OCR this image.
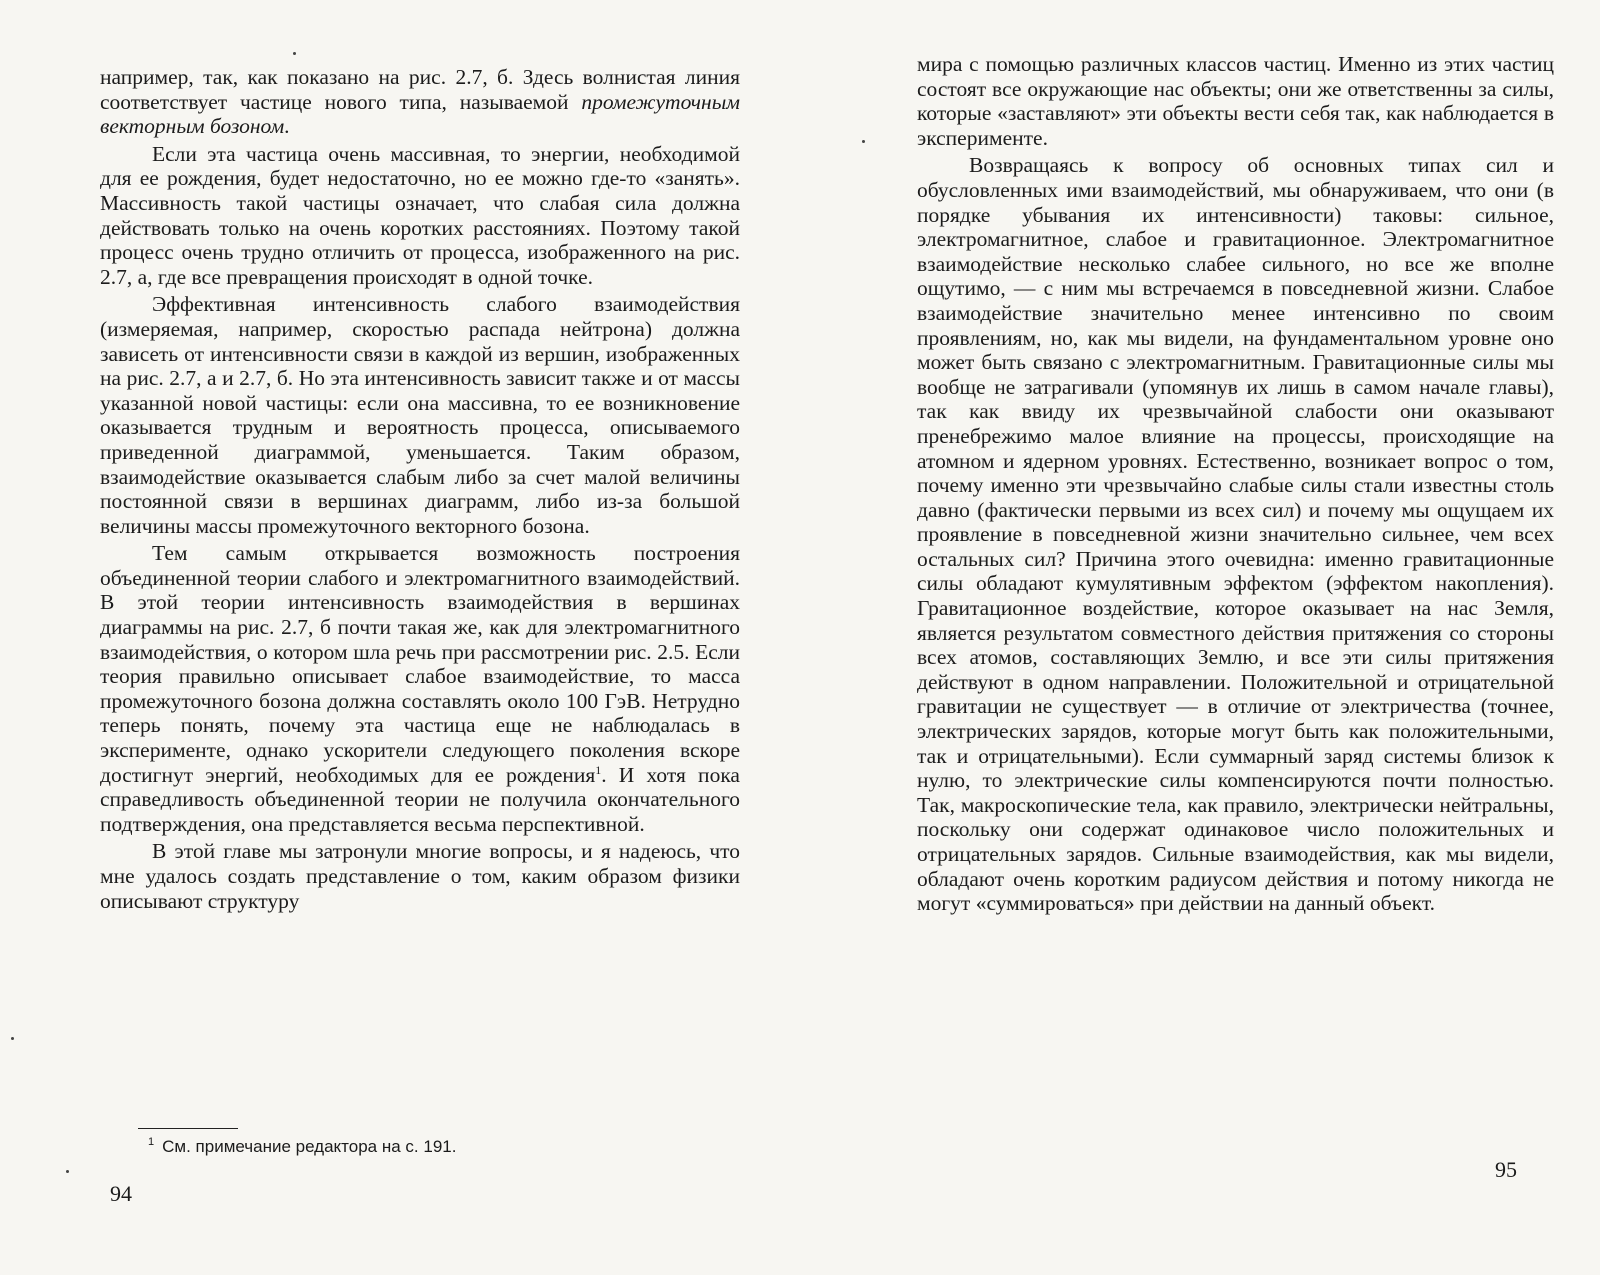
например, так, как показано на рис. 2.7, б. Здесь волнистая линия соответствует частице нового типа, называемой промежуточным векторным бозоном.

Если эта частица очень массивная, то энергии, необходимой для ее рождения, будет недостаточно, но ее можно где-то «занять». Массивность такой частицы означает, что слабая сила должна действовать только на очень коротких расстояниях. Поэтому такой процесс очень трудно отличить от процесса, изображенного на рис. 2.7, а, где все превращения происходят в одной точке.

Эффективная интенсивность слабого взаимодействия (измеряемая, например, скоростью распада нейтрона) должна зависеть от интенсивности связи в каждой из вершин, изображенных на рис. 2.7, а и 2.7, б. Но эта интенсивность зависит также и от массы указанной новой частицы: если она массивна, то ее возникновение оказывается трудным и вероятность процесса, описываемого приведенной диаграммой, уменьшается. Таким образом, взаимодействие оказывается слабым либо за счет малой величины постоянной связи в вершинах диаграмм, либо из-за большой величины массы промежуточного векторного бозона.

Тем самым открывается возможность построения объединенной теории слабого и электромагнитного взаимодействий. В этой теории интенсивность взаимодействия в вершинах диаграммы на рис. 2.7, б почти такая же, как для электромагнитного взаимодействия, о котором шла речь при рассмотрении рис. 2.5. Если теория правильно описывает слабое взаимодействие, то масса промежуточного бозона должна составлять около 100 ГэВ. Нетрудно теперь понять, почему эта частица еще не наблюдалась в эксперименте, однако ускорители следующего поколения вскоре достигнут энергий, необходимых для ее рождения$^1$. И хотя пока справедливость объединенной теории не получила окончательного подтверждения, она представляется весьма перспективной.

В этой главе мы затронули многие вопросы, и я надеюсь, что мне удалось создать представление о том, каким образом физики описывают структуру

$^1$ См. примечание редактора на с. 191.
94

мира с помощью различных классов частиц. Именно из этих частиц состоят все окружающие нас объекты; они же ответственны за силы, которые «заставляют» эти объекты вести себя так, как наблюдается в эксперименте.

Возвращаясь к вопросу об основных типах сил и обусловленных ими взаимодействий, мы обнаруживаем, что они (в порядке убывания их интенсивности) таковы: сильное, электромагнитное, слабое и гравитационное. Электромагнитное взаимодействие несколько слабее сильного, но все же вполне ощутимо, — с ним мы встречаемся в повседневной жизни. Слабое взаимодействие значительно менее интенсивно по своим проявлениям, но, как мы видели, на фундаментальном уровне оно может быть связано с электромагнитным. Гравитационные силы мы вообще не затрагивали (упомянув их лишь в самом начале главы), так как ввиду их чрезвычайной слабости они оказывают пренебрежимо малое влияние на процессы, происходящие на атомном и ядерном уровнях. Естественно, возникает вопрос о том, почему именно эти чрезвычайно слабые силы стали известны столь давно (фактически первыми из всех сил) и почему мы ощущаем их проявление в повседневной жизни значительно сильнее, чем всех остальных сил? Причина этого очевидна: именно гравитационные силы обладают кумулятивным эффектом (эффектом накопления). Гравитационное воздействие, которое оказывает на нас Земля, является результатом совместного действия притяжения со стороны всех атомов, составляющих Землю, и все эти силы притяжения действуют в одном направлении. Положительной и отрицательной гравитации не существует — в отличие от электричества (точнее, электрических зарядов, которые могут быть как положительными, так и отрицательными). Если суммарный заряд системы близок к нулю, то электрические силы компенсируются почти полностью. Так, макроскопические тела, как правило, электрически нейтральны, поскольку они содержат одинаковое число положительных и отрицательных зарядов. Сильные взаимодействия, как мы видели, обладают очень коротким радиусом действия и потому никогда не могут «суммироваться» при действии на данный объект.

95
